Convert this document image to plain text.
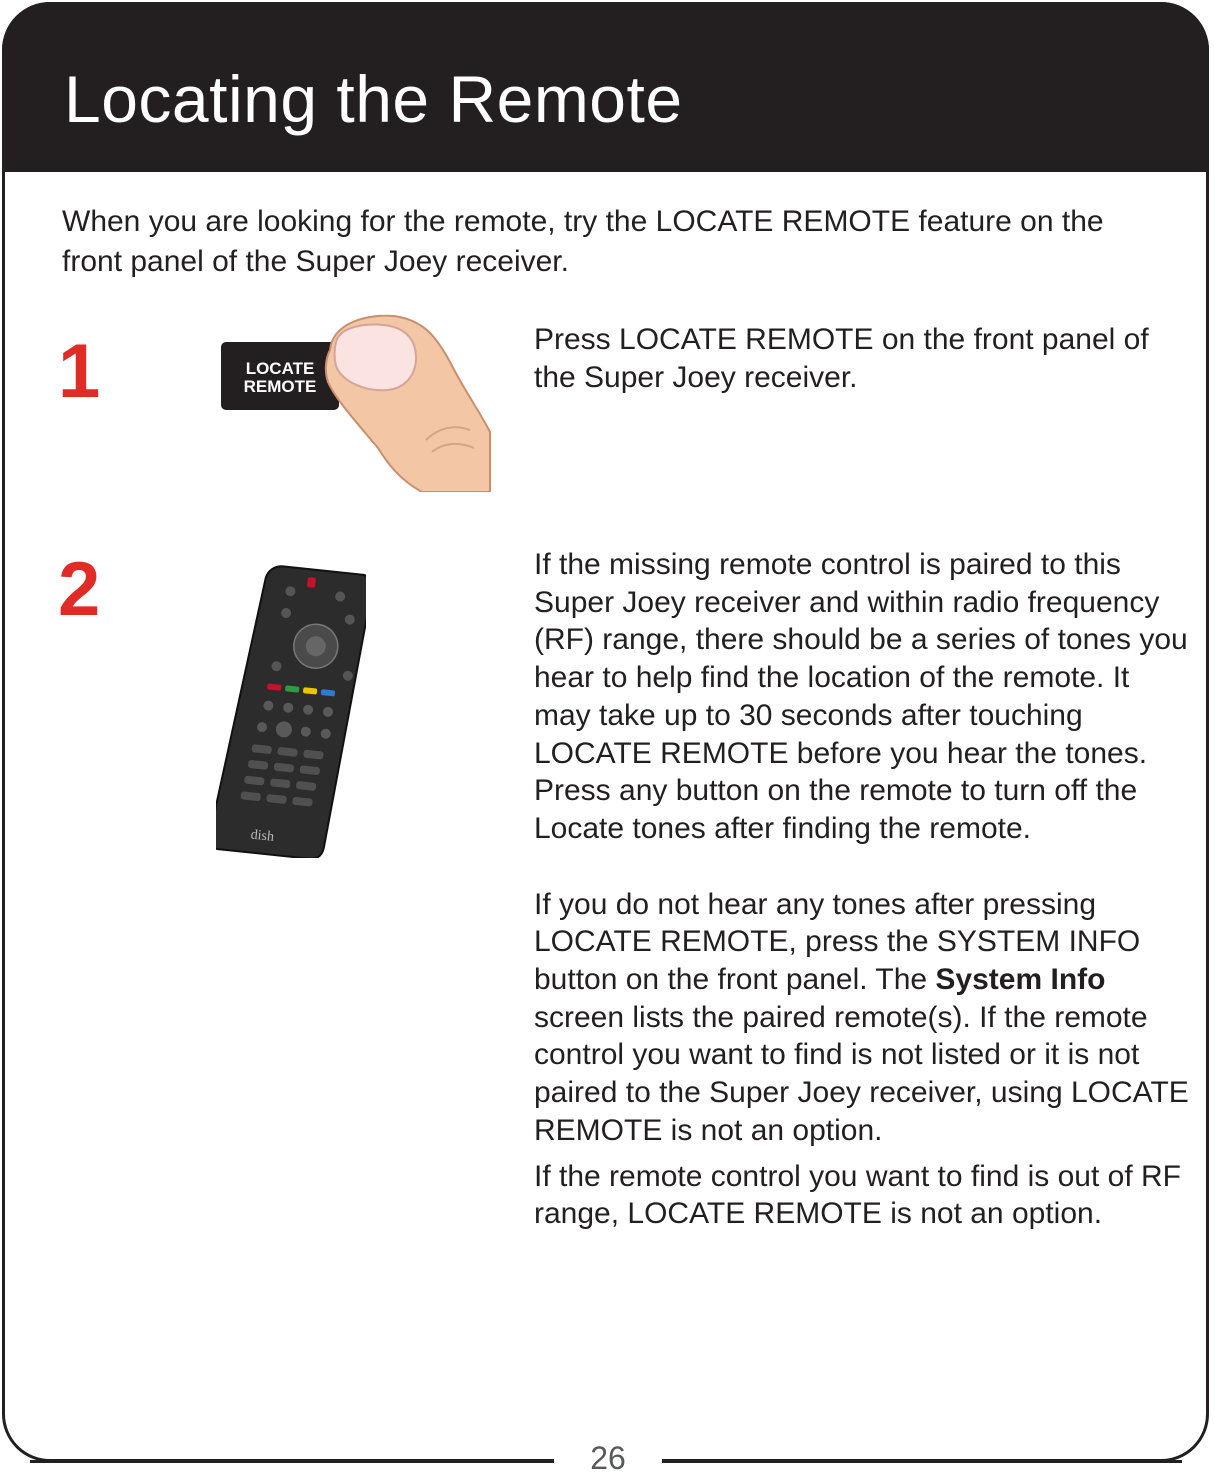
Locating the Remote
When you are looking for the remote, try the LOCATE REMOTE feature on the front panel of the Super Joey receiver.
1	LOCATE
REMOTE
Press LOCATE REMOTE on the front panel of the Super Joey receiver.
2
dish

If the missing remote control is paired to this Super Joey receiver and within radio frequency (RF) range, there should be a series of tones you hear to help find the location of the remote. It may take up to 30 seconds after touching LOCATE REMOTE before you hear the tones. Press any button on the remote to turn off the Locate tones after finding the remote.

If you do not hear any tones after pressing LOCATE REMOTE, press the SYSTEM INFO button on the front panel. The System Info screen lists the paired remote(s). If the remote control you want to find is not listed or it is not paired to the Super Joey receiver, using LOCATE REMOTE is not an option.

If the remote control you want to find is out of RF range, LOCATE REMOTE is not an option.

26
